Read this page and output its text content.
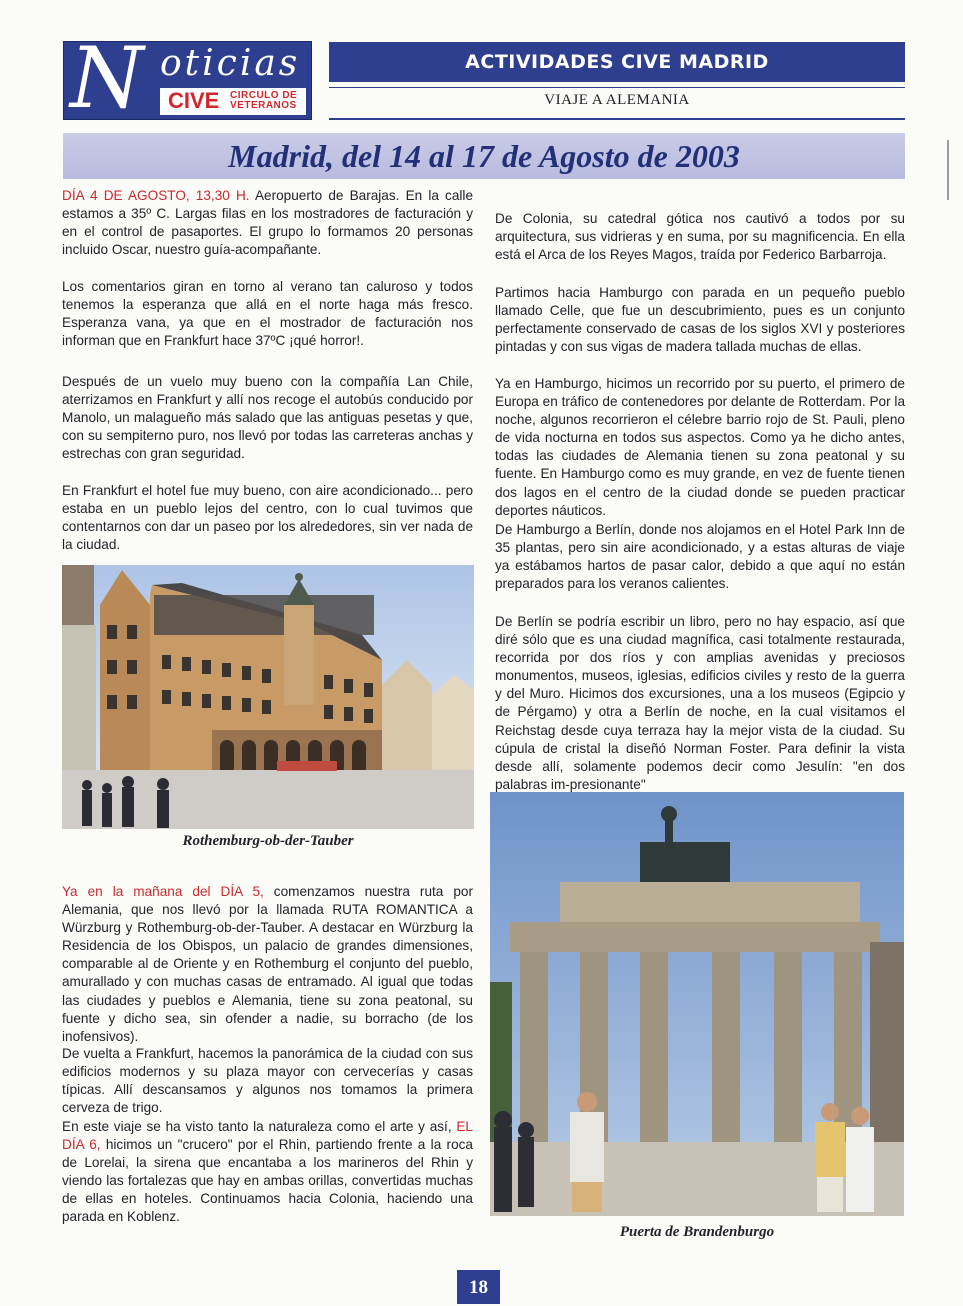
N oticias
CIVE CIRCULO DE
VETERANOS
ACTIVIDADES CIVE MADRID
VIAJE A ALEMANIA
Madrid, del 14 al 17 de Agosto de 2003

DÍA 4 DE AGOSTO, 13,30 H. Aeropuerto de Barajas. En la calle estamos a 35º C. Largas filas en los mostradores de facturación y en el control de pasaportes. El grupo lo formamos 20 personas incluido Oscar, nuestro guía-acompañante.

Los comentarios giran en torno al verano tan caluroso y todos tenemos la esperanza que allá en el norte haga más fresco. Esperanza vana, ya que en el mostrador de facturación nos informan que en Frankfurt hace 37ºC ¡qué horror!.

Después de un vuelo muy bueno con la compañía Lan Chile, aterrizamos en Frankfurt y allí nos recoge el autobús conducido por Manolo, un malagueño más salado que las antiguas pesetas y que, con su sempiterno puro, nos llevó por todas las carreteras anchas y estrechas con gran seguridad.

En Frankfurt el hotel fue muy bueno, con aire acondicionado... pero estaba en un pueblo lejos del centro, con lo cual tuvimos que contentarnos con dar un paseo por los alrededores, sin ver nada de la ciudad.

Rothemburg-ob-der-Tauber

Ya en la mañana del DÍA 5, comenzamos nuestra ruta por Alemania, que nos llevó por la llamada RUTA ROMANTICA a Würzburg y Rothemburg-ob-der-Tauber. A destacar en Würzburg la Residencia de los Obispos, un palacio de grandes dimensiones, comparable al de Oriente y en Rothemburg el conjunto del pueblo, amurallado y con muchas casas de entramado. Al igual que todas las ciudades y pueblos e Alemania, tiene su zona peatonal, su fuente y dicho sea, sin ofender a nadie, su borracho (de los inofensivos).

De vuelta a Frankfurt, hacemos la panorámica de la ciudad con sus edificios modernos y su plaza mayor con cervecerías y casas típicas. Allí descansamos y algunos nos tomamos la primera cerveza de trigo.

En este viaje se ha visto tanto la naturaleza como el arte y así, EL DÍA 6, hicimos un "crucero" por el Rhin, partiendo frente a la roca de Lorelai, la sirena que encantaba a los marineros del Rhin y viendo las fortalezas que hay en ambas orillas, convertidas muchas de ellas en hoteles. Continuamos hacia Colonia, haciendo una parada en Koblenz.

De Colonia, su catedral gótica nos cautivó a todos por su arquitectura, sus vidrieras y en suma, por su magnificencia. En ella está el Arca de los Reyes Magos, traída por Federico Barbarroja.

Partimos hacia Hamburgo con parada en un pequeño pueblo llamado Celle, que fue un descubrimiento, pues es un conjunto perfectamente conservado de casas de los siglos XVI y posteriores pintadas y con sus vigas de madera tallada muchas de ellas.

Ya en Hamburgo, hicimos un recorrido por su puerto, el primero de Europa en tráfico de contenedores por delante de Rotterdam. Por la noche, algunos recorrieron el célebre barrio rojo de St. Pauli, pleno de vida nocturna en todos sus aspectos. Como ya he dicho antes, todas las ciudades de Alemania tienen su zona peatonal y su fuente. En Hamburgo como es muy grande, en vez de fuente tienen dos lagos en el centro de la ciudad donde se pueden practicar deportes náuticos.

De Hamburgo a Berlín, donde nos alojamos en el Hotel Park Inn de 35 plantas, pero sin aire acondicionado, y a estas alturas de viaje ya estábamos hartos de pasar calor, debido a que aquí no están preparados para los veranos calientes.

De Berlín se podría escribir un libro, pero no hay espacio, así que diré sólo que es una ciudad magnífica, casi totalmente restaurada, recorrida por dos ríos y con amplias avenidas y preciosos monumentos, museos, iglesias, edificios civiles y resto de la guerra y del Muro. Hicimos dos excursiones, una a los museos (Egipcio y de Pérgamo) y otra a Berlín de noche, en la cual visitamos el Reichstag desde cuya terraza hay la mejor vista de la ciudad. Su cúpula de cristal la diseñó Norman Foster. Para definir la vista desde allí, solamente podemos decir como Jesulín: "en dos palabras im-presionante"

Puerta de Brandenburgo
18
